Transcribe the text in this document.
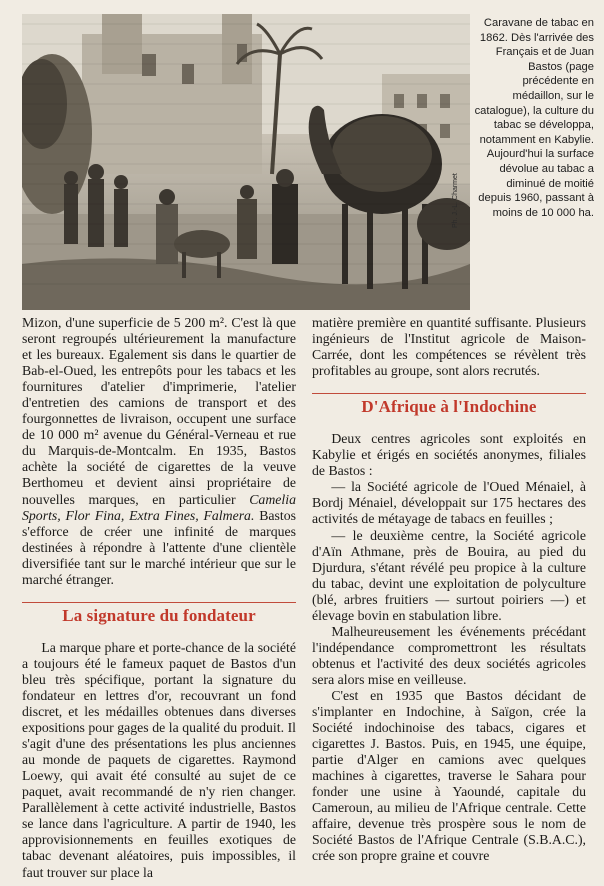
Ph. J.-L. Charmet
Caravane de tabac en 1862. Dès l'arrivée des Français et de Juan Bastos (page précédente en médaillon, sur le catalogue), la culture du tabac se développa, notamment en Kabylie. Aujourd'hui la surface dévolue au tabac a diminué de moitié depuis 1960, passant à moins de 10 000 ha.

Mizon, d'une superficie de 5 200 m². C'est là que seront regroupés ultérieurement la manufacture et les bureaux. Egalement sis dans le quartier de Bab-el-Oued, les entrepôts pour les tabacs et les fournitures d'atelier d'imprimerie, l'atelier d'entretien des camions de transport et des fourgonnettes de livraison, occupent une surface de 10 000 m² avenue du Général-Verneau et rue du Marquis-de-Montcalm. En 1935, Bastos achète la société de cigarettes de la veuve Berthomeu et devient ainsi propriétaire de nouvelles marques, en particulier Camelia Sports, Flor Fina, Extra Fines, Falmera. Bastos s'efforce de créer une infinité de marques destinées à répondre à l'attente d'une clientèle diversifiée tant sur le marché intérieur que sur le marché étranger.

La signature du fondateur

La marque phare et porte-chance de la société a toujours été le fameux paquet de Bastos d'un bleu très spécifique, portant la signature du fondateur en lettres d'or, recouvrant un fond discret, et les médailles obtenues dans diverses expositions pour gages de la qualité du produit. Il s'agit d'une des présentations les plus anciennes au monde de paquets de cigarettes. Raymond Loewy, qui avait été consulté au sujet de ce paquet, avait recommandé de n'y rien changer. Parallèlement à cette activité industrielle, Bastos se lance dans l'agriculture. A partir de 1940, les approvisionnements en feuilles exotiques de tabac devenant aléatoires, puis impossibles, il faut trouver sur place la

matière première en quantité suffisante. Plusieurs ingénieurs de l'Institut agricole de Maison-Carrée, dont les compétences se révèlent très profitables au groupe, sont alors recrutés.

D'Afrique à l'Indochine

Deux centres agricoles sont exploités en Kabylie et érigés en sociétés anonymes, filiales de Bastos :

— la Société agricole de l'Oued Ménaiel, à Bordj Ménaiel, développait sur 175 hectares des activités de métayage de tabacs en feuilles ;

— le deuxième centre, la Société agricole d'Aïn Athmane, près de Bouira, au pied du Djurdura, s'étant révélé peu propice à la culture du tabac, devint une exploitation de polyculture (blé, arbres fruitiers — surtout poiriers —) et élevage bovin en stabulation libre.

Malheureusement les événements précédant l'indépendance compromettront les résultats obtenus et l'activité des deux sociétés agricoles sera alors mise en veilleuse.

C'est en 1935 que Bastos décidant de s'implanter en Indochine, à Saïgon, crée la Société indochinoise des tabacs, cigares et cigarettes J. Bastos. Puis, en 1945, une équipe, partie d'Alger en camions avec quelques machines à cigarettes, traverse le Sahara pour fonder une usine à Yaoundé, capitale du Cameroun, au milieu de l'Afrique centrale. Cette affaire, devenue très prospère sous le nom de Société Bastos de l'Afrique Centrale (S.B.A.C.), crée son propre graine et couvre
